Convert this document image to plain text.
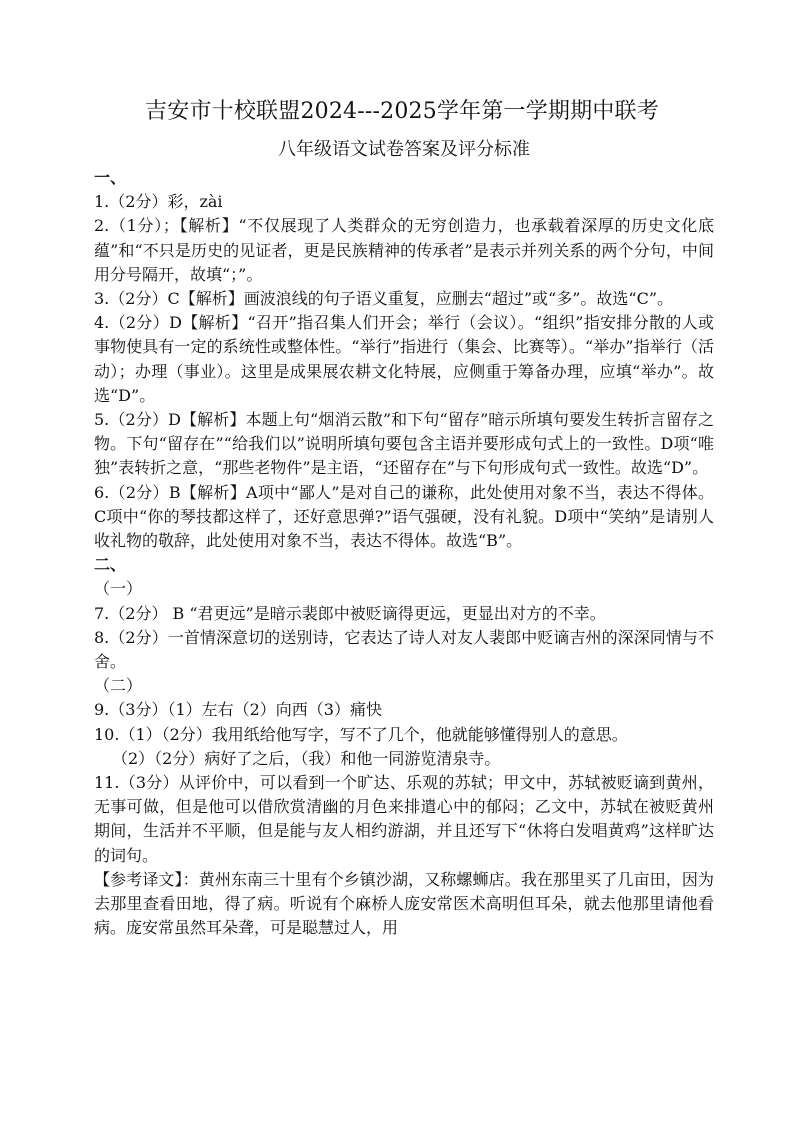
吉安市十校联盟2024---2025学年第一学期期中联考
八年级语文试卷答案及评分标准

一、

1.（2分）彩，zài

2.（1分）；【解析】“不仅展现了人类群众的无穷创造力，也承载着深厚的历史文化底蕴”和“不只是历史的见证者，更是民族精神的传承者”是表示并列关系的两个分句，中间用分号隔开，故填“；”。

3.（2分）C【解析】画波浪线的句子语义重复，应删去“超过”或“多”。故选“C”。

4.（2分）D【解析】“召开”指召集人们开会；举行（会议）。“组织”指安排分散的人或事物使具有一定的系统性或整体性。“举行”指进行（集会、比赛等）。“举办”指举行（活动）；办理（事业）。这里是成果展农耕文化特展，应侧重于筹备办理，应填“举办”。故选“D”。

5.（2分）D【解析】本题上句“烟消云散”和下句“留存”暗示所填句要发生转折言留存之物。下句“留存在”“给我们以”说明所填句要包含主语并要形成句式上的一致性。D项“唯独”表转折之意，“那些老物件”是主语，“还留存在”与下句形成句式一致性。故选“D”。

6.（2分）B【解析】A项中“鄙人”是对自己的谦称，此处使用对象不当，表达不得体。C项中“你的琴技都这样了，还好意思弹?”语气强硬，没有礼貌。D项中“笑纳”是请别人收礼物的敬辞，此处使用对象不当，表达不得体。故选“B”。

二、

（一）

7.（2分） B “君更远”是暗示裴郎中被贬谪得更远，更显出对方的不幸。

8.（2分）一首情深意切的送别诗，它表达了诗人对友人裴郎中贬谪吉州的深深同情与不舍。

（二）

9.（3分）（1）左右（2）向西（3）痛快

10.（1）（2分）我用纸给他写字，写不了几个，他就能够懂得别人的意思。

（2）（2分）病好了之后，（我）和他一同游览清泉寺。

11.（3分）从评价中，可以看到一个旷达、乐观的苏轼；甲文中，苏轼被贬谪到黄州，无事可做，但是他可以借欣赏清幽的月色来排遣心中的郁闷；乙文中，苏轼在被贬黄州期间，生活并不平顺，但是能与友人相约游湖，并且还写下“休将白发唱黄鸡”这样旷达的词句。

【参考译文】：黄州东南三十里有个乡镇沙湖，又称螺蛳店。我在那里买了几亩田，因为去那里查看田地，得了病。听说有个麻桥人庞安常医术高明但耳朵，就去他那里请他看病。庞安常虽然耳朵聋，可是聪慧过人，用
